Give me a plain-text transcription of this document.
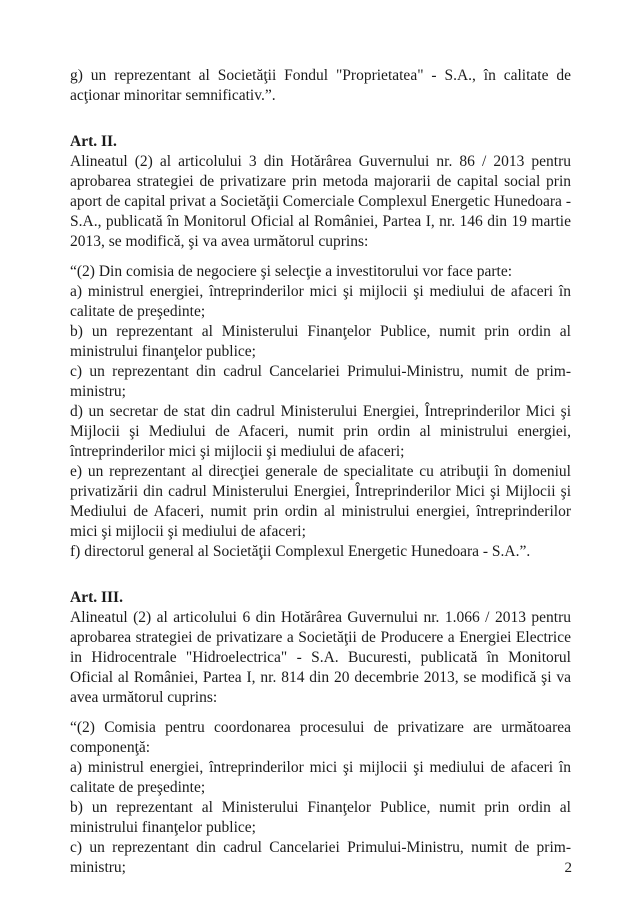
g) un reprezentant al Societăţii Fondul "Proprietatea" - S.A., în calitate de acţionar minoritar semnificativ.”.

Art. II.

Alineatul (2) al articolului 3 din Hotărârea Guvernului nr. 86 / 2013 pentru aprobarea strategiei de privatizare prin metoda majorarii de capital social prin aport de capital privat a Societăţii Comerciale Complexul Energetic Hunedoara - S.A., publicată în Monitorul Oficial al României, Partea I, nr. 146 din 19 martie 2013, se modifică, şi va avea următorul cuprins:

“(2) Din comisia de negociere şi selecţie a investitorului vor face parte:

a) ministrul energiei, întreprinderilor mici şi mijlocii şi mediului de afaceri în calitate de preşedinte;

b) un reprezentant al Ministerului Finanţelor Publice, numit prin ordin al ministrului finanţelor publice;

c) un reprezentant din cadrul Cancelariei Primului-Ministru, numit de prim-ministru;

d) un secretar de stat din cadrul Ministerului Energiei, Întreprinderilor Mici şi Mijlocii şi Mediului de Afaceri, numit prin ordin al ministrului energiei, întreprinderilor mici şi mijlocii şi mediului de afaceri;

e) un reprezentant al direcţiei generale de specialitate cu atribuţii în domeniul privatizării din cadrul Ministerului Energiei, Întreprinderilor Mici şi Mijlocii şi Mediului de Afaceri, numit prin ordin al ministrului energiei, întreprinderilor mici şi mijlocii şi mediului de afaceri;

f) directorul general al Societăţii Complexul Energetic Hunedoara - S.A.”.

Art. III.

Alineatul (2) al articolului 6 din Hotărârea Guvernului nr. 1.066 / 2013 pentru aprobarea strategiei de privatizare a Societăţii de Producere a Energiei Electrice in Hidrocentrale "Hidroelectrica" - S.A. Bucuresti, publicată în Monitorul Oficial al României, Partea I, nr. 814 din 20 decembrie 2013, se modifică şi va avea următorul cuprins:

“(2) Comisia pentru coordonarea procesului de privatizare are următoarea componenţă:

a) ministrul energiei, întreprinderilor mici şi mijlocii şi mediului de afaceri în calitate de preşedinte;

b) un reprezentant al Ministerului Finanţelor Publice, numit prin ordin al ministrului finanţelor publice;

c) un reprezentant din cadrul Cancelariei Primului-Ministru, numit de prim-ministru;	2
